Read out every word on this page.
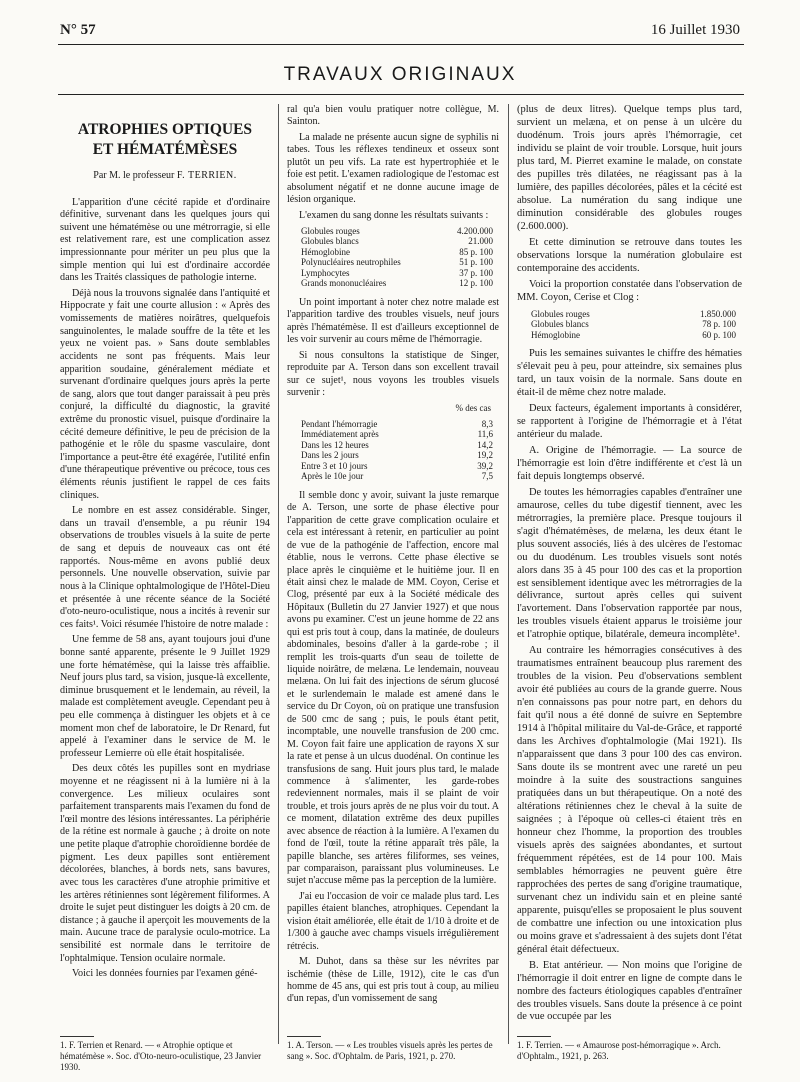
N° 57	16 Juillet 1930
TRAVAUX ORIGINAUX
ATROPHIES OPTIQUES
ET HÉMATÉMÈSES
Par M. le professeur F. TERRIEN.

L'apparition d'une cécité rapide et d'ordinaire définitive, survenant dans les quelques jours qui suivent une hématémèse ou une métrorragie, si elle est relativement rare, est une complication assez impressionnante pour mériter un peu plus que la simple mention qui lui est d'ordinaire accordée dans les Traités classiques de pathologie interne.

Déjà nous la trouvons signalée dans l'antiquité et Hippocrate y fait une courte allusion : « Après des vomissements de matières noirâtres, quelquefois sanguinolentes, le malade souffre de la tête et les yeux ne voient pas. » Sans doute semblables accidents ne sont pas fréquents. Mais leur apparition soudaine, généralement médiate et survenant d'ordinaire quelques jours après la perte de sang, alors que tout danger paraissait à peu près conjuré, la difficulté du diagnostic, la gravité extrême du pronostic visuel, puisque d'ordinaire la cécité demeure définitive, le peu de précision de la pathogénie et le rôle du spasme vasculaire, dont l'importance a peut-être été exagérée, l'utilité enfin d'une thérapeutique préventive ou précoce, tous ces éléments réunis justifient le rappel de ces faits cliniques.

Le nombre en est assez considérable. Singer, dans un travail d'ensemble, a pu réunir 194 observations de troubles visuels à la suite de perte de sang et depuis de nouveaux cas ont été rapportés. Nous-même en avons publié deux personnels. Une nouvelle observation, suivie par nous à la Clinique ophtalmologique de l'Hôtel-Dieu et présentée à une récente séance de la Société d'oto-neuro-oculistique, nous a incités à revenir sur ces faits¹. Voici résumée l'histoire de notre malade :

Une femme de 58 ans, ayant toujours joui d'une bonne santé apparente, présente le 9 Juillet 1929 une forte hématémèse, qui la laisse très affaiblie. Neuf jours plus tard, sa vision, jusque-là excellente, diminue brusquement et le lendemain, au réveil, la malade est complètement aveugle. Cependant peu à peu elle commença à distinguer les objets et à ce moment mon chef de laboratoire, le Dr Renard, fut appelé à l'examiner dans le service de M. le professeur Lemierre où elle était hospitalisée.

Des deux côtés les pupilles sont en mydriase moyenne et ne réagissent ni à la lumière ni à la convergence. Les milieux oculaires sont parfaitement transparents mais l'examen du fond de l'œil montre des lésions intéressantes. La périphérie de la rétine est normale à gauche ; à droite on note une petite plaque d'atrophie choroïdienne bordée de pigment. Les deux papilles sont entièrement décolorées, blanches, à bords nets, sans bavures, avec tous les caractères d'une atrophie primitive et les artères rétiniennes sont légèrement filiformes. A droite le sujet peut distinguer les doigts à 20 cm. de distance ; à gauche il aperçoit les mouvements de la main. Aucune trace de paralysie oculo-motrice. La sensibilité est normale dans le territoire de l'ophtalmique. Tension oculaire normale.

Voici les données fournies par l'examen géné-

ral qu'a bien voulu pratiquer notre collègue, M. Sainton.

La malade ne présente aucun signe de syphilis ni tabes. Tous les réflexes tendineux et osseux sont plutôt un peu vifs. La rate est hypertrophiée et le foie est petit. L'examen radiologique de l'estomac est absolument négatif et ne donne aucune image de lésion organique.

L'examen du sang donne les résultats suivants :

Globules rouges	4.200.000
Globules blancs	21.000
Hémoglobine	85 p. 100
Polynucléaires neutrophiles	51 p. 100
Lymphocytes	37 p. 100
Grands mononucléaires	12 p. 100

Un point important à noter chez notre malade est l'apparition tardive des troubles visuels, neuf jours après l'hématémèse. Il est d'ailleurs exceptionnel de les voir survenir au cours même de l'hémorragie.

Si nous consultons la statistique de Singer, reproduite par A. Terson dans son excellent travail sur ce sujet¹, nous voyons les troubles visuels survenir :

% des cas
Pendant l'hémorragie	8,3
Immédiatement après	11,6
Dans les 12 heures	14,2
Dans les 2 jours	19,2
Entre 3 et 10 jours	39,2
Après le 10e jour	7,5

Il semble donc y avoir, suivant la juste remarque de A. Terson, une sorte de phase élective pour l'apparition de cette grave complication oculaire et cela est intéressant à retenir, en particulier au point de vue de la pathogénie de l'affection, encore mal établie, nous le verrons. Cette phase élective se place après le cinquième et le huitième jour. Il en était ainsi chez le malade de MM. Coyon, Cerise et Clog, présenté par eux à la Société médicale des Hôpitaux (Bulletin du 27 Janvier 1927) et que nous avons pu examiner. C'est un jeune homme de 22 ans qui est pris tout à coup, dans la matinée, de douleurs abdominales, besoins d'aller à la garde-robe ; il remplit les trois-quarts d'un seau de toilette de liquide noirâtre, de melæna. Le lendemain, nouveau melæna. On lui fait des injections de sérum glucosé et le surlendemain le malade est amené dans le service du Dr Coyon, où on pratique une transfusion de 500 cmc de sang ; puis, le pouls étant petit, incomptable, une nouvelle transfusion de 200 cmc. M. Coyon fait faire une application de rayons X sur la rate et pense à un ulcus duodénal. On continue les transfusions de sang. Huit jours plus tard, le malade commence à s'alimenter, les garde-robes redeviennent normales, mais il se plaint de voir trouble, et trois jours après de ne plus voir du tout. A ce moment, dilatation extrême des deux pupilles avec absence de réaction à la lumière. A l'examen du fond de l'œil, toute la rétine apparaît très pâle, la papille blanche, ses artères filiformes, ses veines, par comparaison, paraissant plus volumineuses. Le sujet n'accuse même pas la perception de la lumière.

J'ai eu l'occasion de voir ce malade plus tard. Les papilles étaient blanches, atrophiques. Cependant la vision était améliorée, elle était de 1/10 à droite et de 1/300 à gauche avec champs visuels irrégulièrement rétrécis.

M. Duhot, dans sa thèse sur les névrites par ischémie (thèse de Lille, 1912), cite le cas d'un homme de 45 ans, qui est pris tout à coup, au milieu d'un repas, d'un vomissement de sang

(plus de deux litres). Quelque temps plus tard, survient un melæna, et on pense à un ulcère du duodénum. Trois jours après l'hémorragie, cet individu se plaint de voir trouble. Lorsque, huit jours plus tard, M. Pierret examine le malade, on constate des pupilles très dilatées, ne réagissant pas à la lumière, des papilles décolorées, pâles et la cécité est absolue. La numération du sang indique une diminution considérable des globules rouges (2.600.000).

Et cette diminution se retrouve dans toutes les observations lorsque la numération globulaire est contemporaine des accidents.

Voici la proportion constatée dans l'observation de MM. Coyon, Cerise et Clog :

Globules rouges	1.850.000
Globules blancs	78 p. 100
Hémoglobine	60 p. 100

Puis les semaines suivantes le chiffre des hématies s'élevait peu à peu, pour atteindre, six semaines plus tard, un taux voisin de la normale. Sans doute en était-il de même chez notre malade.

Deux facteurs, également importants à considérer, se rapportent à l'origine de l'hémorragie et à l'état antérieur du malade.

A. Origine de l'hémorragie. — La source de l'hémorragie est loin d'être indifférente et c'est là un fait depuis longtemps observé.

De toutes les hémorragies capables d'entraîner une amaurose, celles du tube digestif tiennent, avec les métrorragies, la première place. Presque toujours il s'agit d'hématémèses, de melæna, les deux étant le plus souvent associés, liés à des ulcères de l'estomac ou du duodénum. Les troubles visuels sont notés alors dans 35 à 45 pour 100 des cas et la proportion est sensiblement identique avec les métrorragies de la délivrance, surtout après celles qui suivent l'avortement. Dans l'observation rapportée par nous, les troubles visuels étaient apparus le troisième jour et l'atrophie optique, bilatérale, demeura incomplète¹.

Au contraire les hémorragies consécutives à des traumatismes entraînent beaucoup plus rarement des troubles de la vision. Peu d'observations semblent avoir été publiées au cours de la grande guerre. Nous n'en connaissons pas pour notre part, en dehors du fait qu'il nous a été donné de suivre en Septembre 1914 à l'hôpital militaire du Val-de-Grâce, et rapporté dans les Archives d'ophtalmologie (Mai 1921). Ils n'apparaissent que dans 3 pour 100 des cas environ. Sans doute ils se montrent avec une rareté un peu moindre à la suite des soustractions sanguines pratiquées dans un but thérapeutique. On a noté des altérations rétiniennes chez le cheval à la suite de saignées ; à l'époque où celles-ci étaient très en honneur chez l'homme, la proportion des troubles visuels après des saignées abondantes, et surtout fréquemment répétées, est de 14 pour 100. Mais semblables hémorragies ne peuvent guère être rapprochées des pertes de sang d'origine traumatique, survenant chez un individu sain et en pleine santé apparente, puisqu'elles se proposaient le plus souvent de combattre une infection ou une intoxication plus ou moins grave et s'adressaient à des sujets dont l'état général était défectueux.

B. Etat antérieur. — Non moins que l'origine de l'hémorragie il doit entrer en ligne de compte dans le nombre des facteurs étiologiques capables d'entraîner des troubles visuels. Sans doute la présence à ce point de vue occupée par les

1. F. Terrien et Renard. — « Atrophie optique et hématémèse ». Soc. d'Oto-neuro-oculistique, 23 Janvier 1930.
1. A. Terson. — « Les troubles visuels après les pertes de sang ». Soc. d'Ophtalm. de Paris, 1921, p. 270.
1. F. Terrien. — « Amaurose post-hémorragique ». Arch. d'Ophtalm., 1921, p. 263.
